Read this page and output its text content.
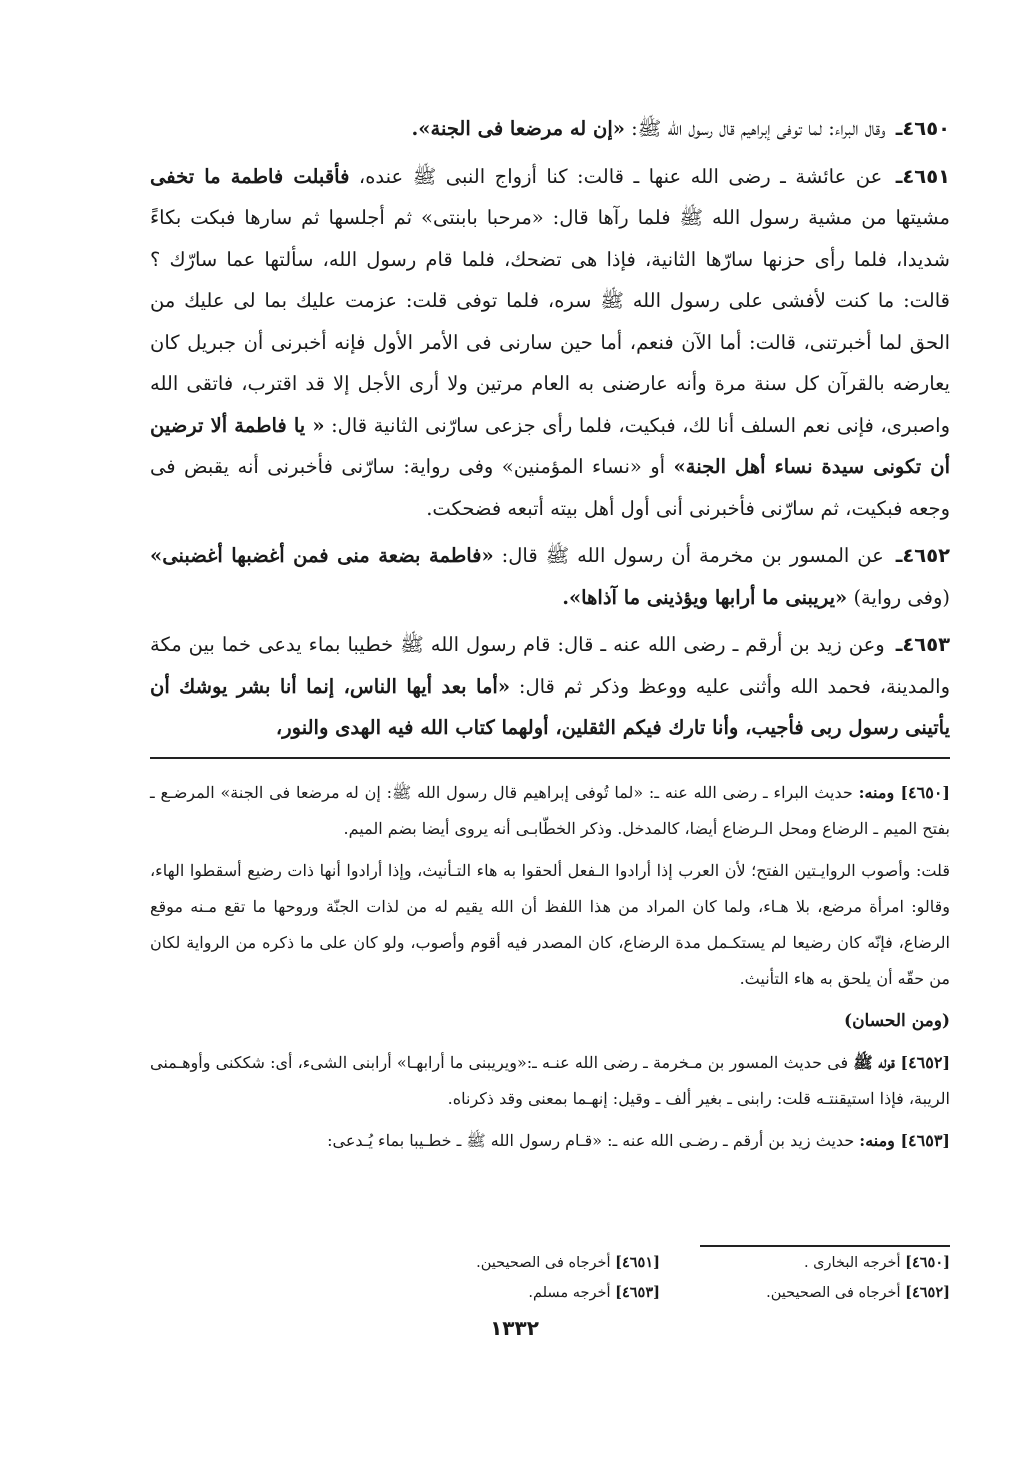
٤٦٥٠ـ وقال البراء: لما توفى إبراهيم قال رسول الله ﷺ: «إن له مرضعا فى الجنة».

٤٦٥١ـ عن عائشة ـ رضى الله عنها ـ قالت: كنا أزواج النبى ﷺ عنده، فأقبلت فاطمة ما تخفى مشيتها من مشية رسول الله ﷺ فلما رآها قال: «مرحبا بابنتى» ثم أجلسها ثم سارها فبكت بكاءً شديدا، فلما رأى حزنها سارّها الثانية، فإذا هى تضحك، فلما قام رسول الله، سألتها عما سارّك ؟ قالت: ما كنت لأفشى على رسول الله ﷺ سره، فلما توفى قلت: عزمت عليك بما لى عليك من الحق لما أخبرتنى، قالت: أما الآن فنعم، أما حين سارنى فى الأمر الأول فإنه أخبرنى أن جبريل كان يعارضه بالقرآن كل سنة مرة وأنه عارضنى به العام مرتين ولا أرى الأجل إلا قد اقترب، فاتقى الله واصبرى، فإنى نعم السلف أنا لك، فبكيت، فلما رأى جزعى سارّنى الثانية قال: « يا فاطمة ألا ترضين أن تكونى سيدة نساء أهل الجنة» أو «نساء المؤمنين» وفى رواية: سارّنى فأخبرنى أنه يقبض فى وجعه فبكيت، ثم سارّنى فأخبرنى أنى أول أهل بيته أتبعه فضحكت.

٤٦٥٢ـ عن المسور بن مخرمة أن رسول الله ﷺ قال: «فاطمة بضعة منى فمن أغضبها أغضبنى» (وفى رواية) «يريبنى ما أرابها ويؤذينى ما آذاها».

٤٦٥٣ـ وعن زيد بن أرقم ـ رضى الله عنه ـ قال: قام رسول الله ﷺ خطيبا بماء يدعى خما بين مكة والمدينة، فحمد الله وأثنى عليه ووعظ وذكر ثم قال: «أما بعد أيها الناس، إنما أنا بشر يوشك أن يأتينى رسول ربى فأجيب، وأنا تارك فيكم الثقلين، أولهما كتاب الله فيه الهدى والنور،

[٤٦٥٠] ومنه: حديث البراء ـ رضى الله عنه ـ: «لما تُوفى إبراهيم قال رسول الله ﷺ: إن له مرضعا فى الجنة» المرضـع ـ بفتح الميم ـ الرضاع ومحل الـرضاع أيضا، كالمدخل. وذكر الخطّابـى أنه يروى أيضا بضم الميم.

قلت: وأصوب الروايـتين الفتح؛ لأن العرب إذا أرادوا الـفعل ألحقوا به هاء التـأنيث، وإذا أرادوا أنها ذات رضيع أسقطوا الهاء، وقالو: امرأة مرضع، بلا هـاء، ولما كان المراد من هذا اللفظ أن الله يقيم له من لذات الجنّة وروحها ما تقع مـنه موقع الرضاع، فإنّه كان رضيعا لم يستكـمل مدة الرضاع، كان المصدر فيه أقوم وأصوب، ولو كان على ما ذكره من الرواية لكان من حقّه أن يلحق به هاء التأنيث.

(ومن الحسان)

[٤٦٥٢] قوله ﷺ فى حديث المسور بن مـخرمة ـ رضى الله عنـه ـ:«ويريبنى ما أرابهـا» أرابنى الشىء، أى: شككنى وأوهـمنى الريبة، فإذا استيقنتـه قلت: رابنى ـ بغير ألف ـ وقيل: إنهـما بمعنى وقد ذكرناه.

[٤٦٥٣] ومنه: حديث زيد بن أرقم ـ رضـى الله عنه ـ: «قـام رسول الله ﷺ ـ خطـيبا بماء يُـدعى:

[٤٦٥٠] أخرجه البخارى .
[٤٦٥١] أخرجاه فى الصحيحين.
[٤٦٥٢] أخرجاه فى الصحيحين.
[٤٦٥٣] أخرجه مسلم.
١٣٣٢
